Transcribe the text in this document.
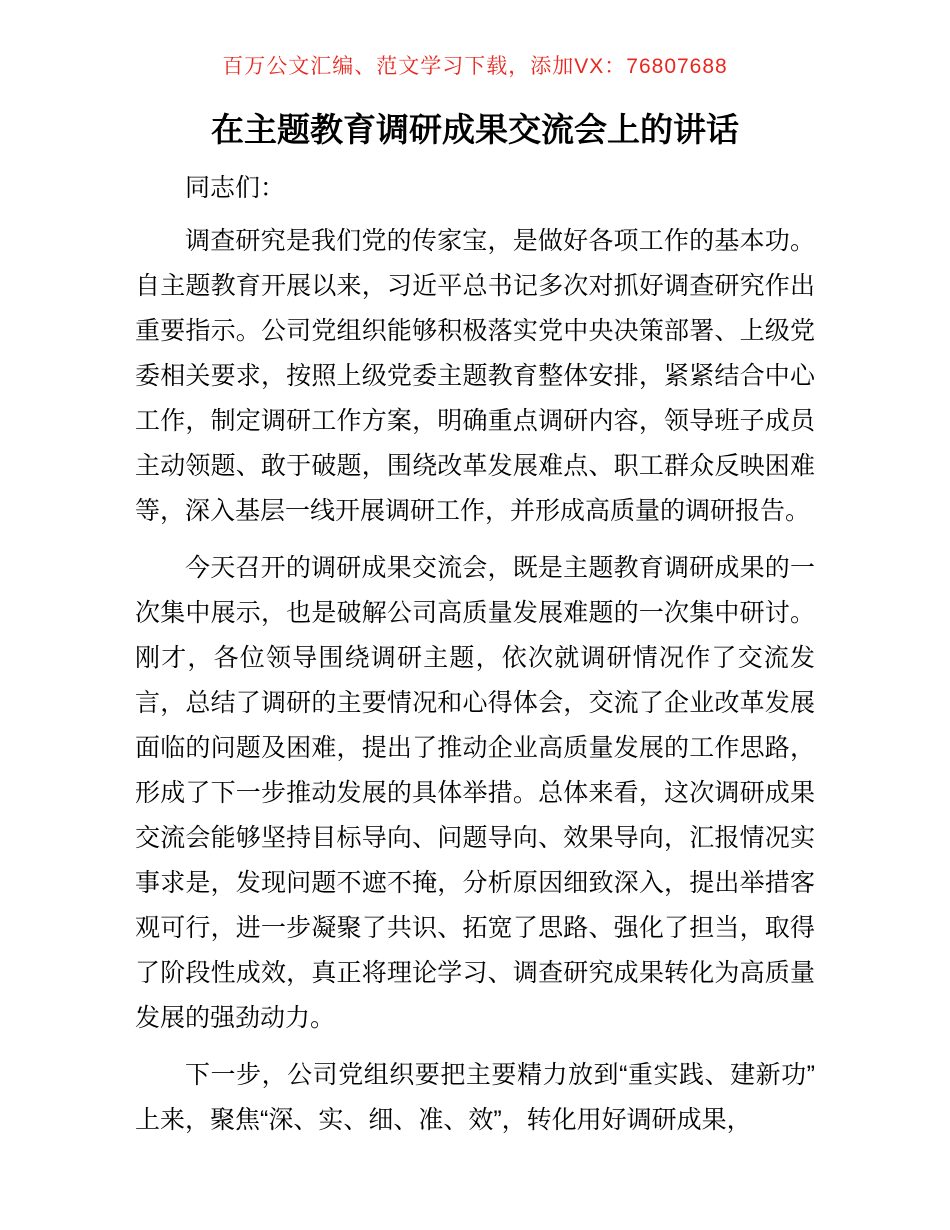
百万公文汇编、范文学习下载，添加VX：76807688
在主题教育调研成果交流会上的讲话

同志们：

调查研究是我们党的传家宝，是做好各项工作的基本功。自主题教育开展以来，习近平总书记多次对抓好调查研究作出重要指示。公司党组织能够积极落实党中央决策部署、上级党委相关要求，按照上级党委主题教育整体安排，紧紧结合中心工作，制定调研工作方案，明确重点调研内容，领导班子成员主动领题、敢于破题，围绕改革发展难点、职工群众反映困难等，深入基层一线开展调研工作，并形成高质量的调研报告。

今天召开的调研成果交流会，既是主题教育调研成果的一次集中展示，也是破解公司高质量发展难题的一次集中研讨。刚才，各位领导围绕调研主题，依次就调研情况作了交流发言，总结了调研的主要情况和心得体会，交流了企业改革发展面临的问题及困难，提出了推动企业高质量发展的工作思路，形成了下一步推动发展的具体举措。总体来看，这次调研成果交流会能够坚持目标导向、问题导向、效果导向，汇报情况实事求是，发现问题不遮不掩，分析原因细致深入，提出举措客观可行，进一步凝聚了共识、拓宽了思路、强化了担当，取得了阶段性成效，真正将理论学习、调查研究成果转化为高质量发展的强劲动力。

下一步，公司党组织要把主要精力放到“重实践、建新功”上来，聚焦“深、实、细、准、效”，转化用好调研成果，
